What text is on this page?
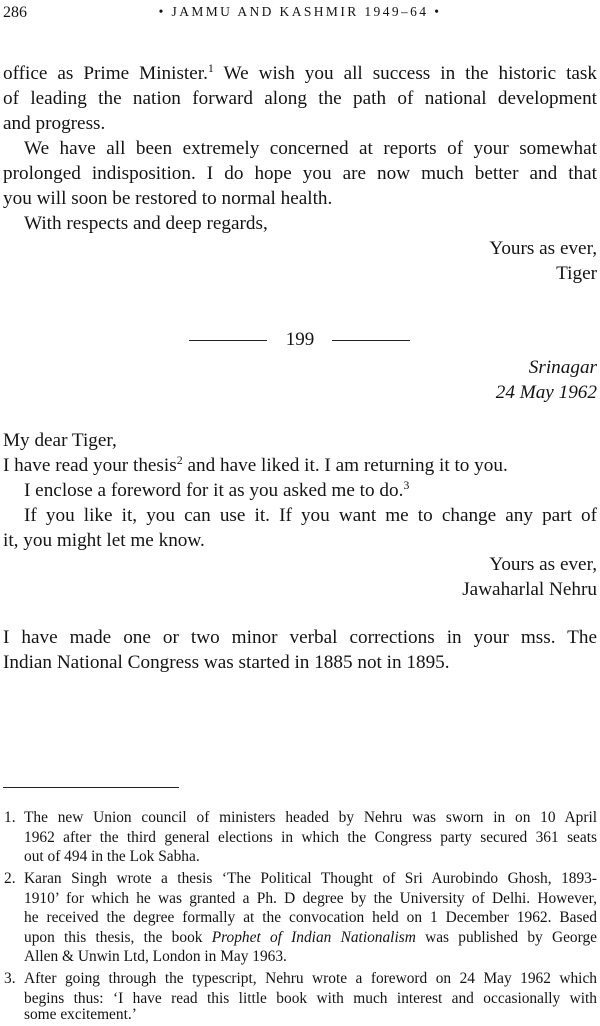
286	• JAMMU AND KASHMIR 1949–64 •
office as Prime Minister.$^1$ We wish you all success in the historic task
of leading the nation forward along the path of national development
and progress.
We have all been extremely concerned at reports of your somewhat
prolonged indisposition. I do hope you are now much better and that
you will soon be restored to normal health.
With respects and deep regards,
Yours as ever,
Tiger
199
Srinagar
24 May 1962
My dear Tiger,
I have read your thesis$^2$ and have liked it. I am returning it to you.
I enclose a foreword for it as you asked me to do.$^3$
If you like it, you can use it. If you want me to change any part of
it, you might let me know.
Yours as ever,
Jawaharlal Nehru
I have made one or two minor verbal corrections in your mss. The
Indian National Congress was started in 1885 not in 1895.
1. The new Union council of ministers headed by Nehru was sworn in on 10 April
1962 after the third general elections in which the Congress party secured 361 seats
out of 494 in the Lok Sabha.
2. Karan Singh wrote a thesis ‘The Political Thought of Sri Aurobindo Ghosh, 1893-
1910’ for which he was granted a Ph. D degree by the University of Delhi. However,
he received the degree formally at the convocation held on 1 December 1962. Based
upon this thesis, the book Prophet of Indian Nationalism was published by George
Allen & Unwin Ltd, London in May 1963.
3. After going through the typescript, Nehru wrote a foreword on 24 May 1962 which
begins thus: ‘I have read this little book with much interest and occasionally with
some excitement.’
